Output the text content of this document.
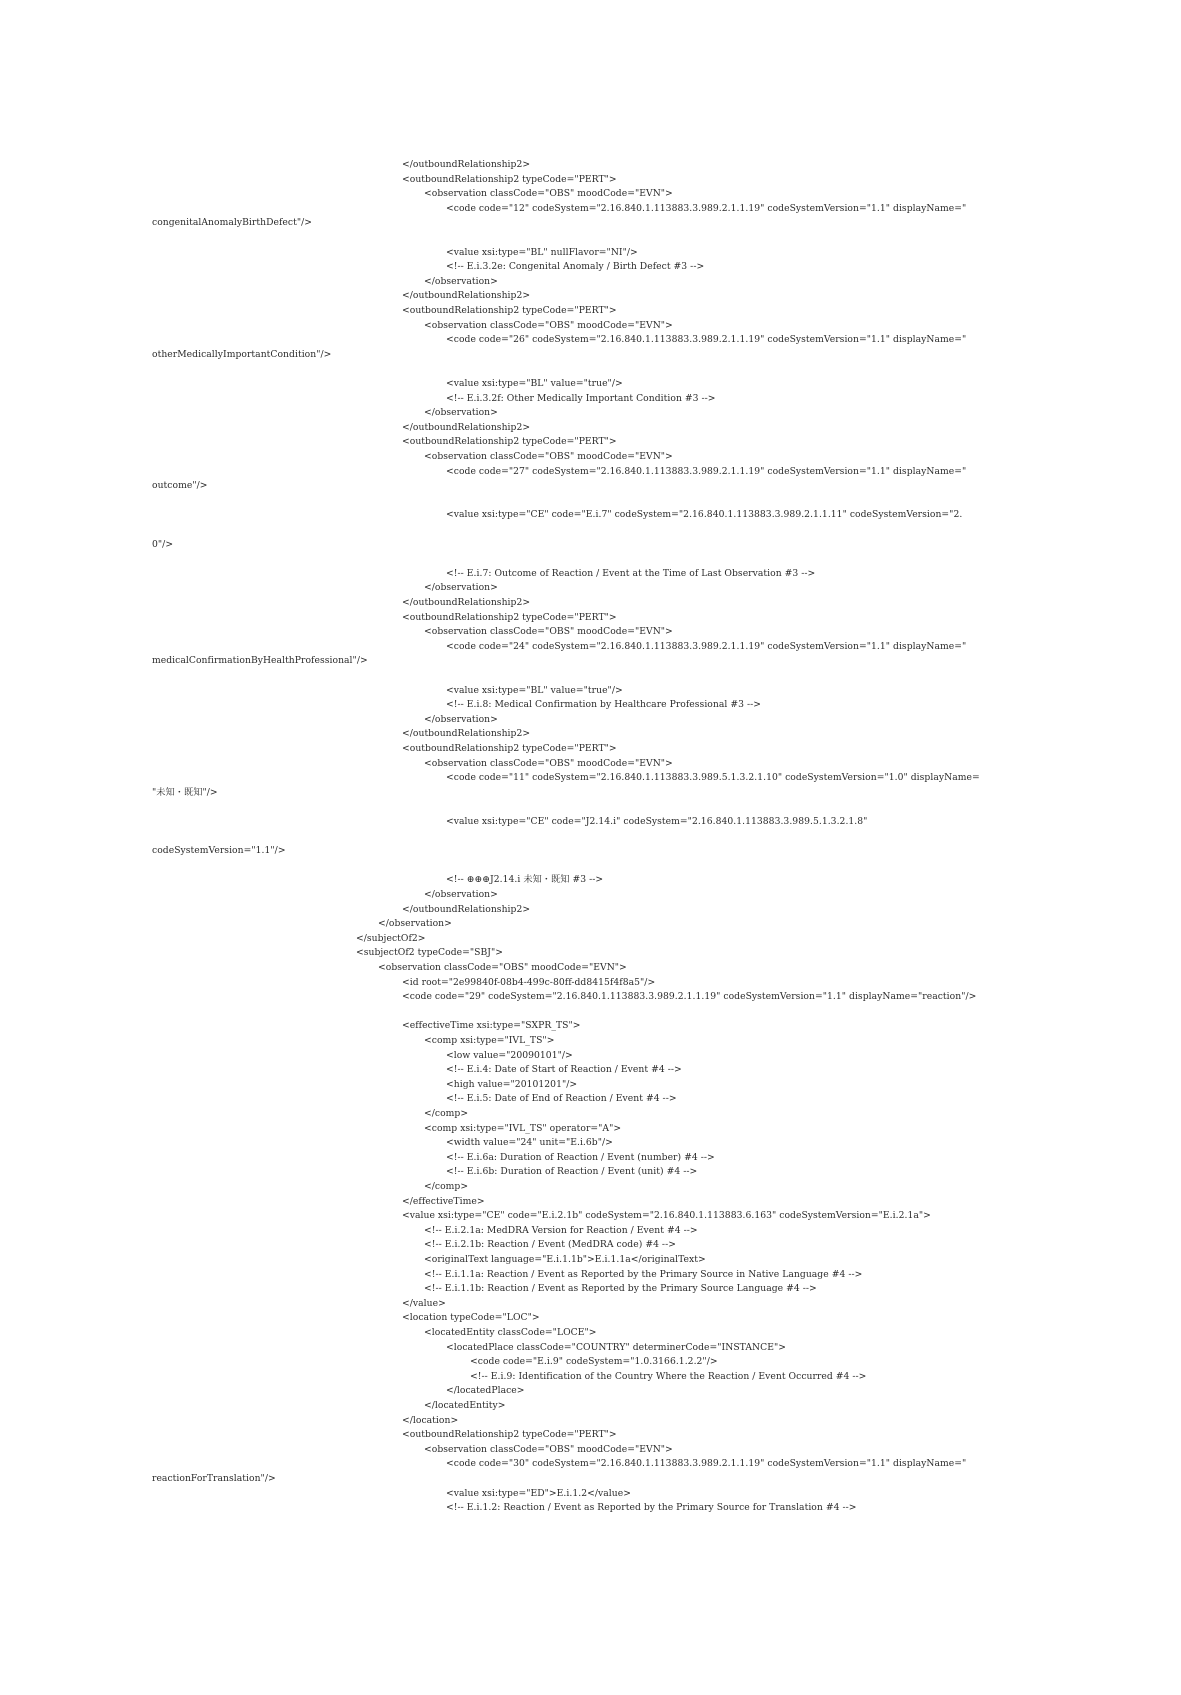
</outboundRelationship2>
<outboundRelationship2 typeCode="PERT">
<observation classCode="OBS" moodCode="EVN">
<code code="12" codeSystem="2.16.840.1.113883.3.989.2.1.1.19" codeSystemVersion="1.1" displayName="
congenitalAnomalyBirthDefect"/>
<value xsi:type="BL" nullFlavor="NI"/>
<!-- E.i.3.2e: Congenital Anomaly / Birth Defect #3 -->
</observation>
</outboundRelationship2>
<outboundRelationship2 typeCode="PERT">
<observation classCode="OBS" moodCode="EVN">
<code code="26" codeSystem="2.16.840.1.113883.3.989.2.1.1.19" codeSystemVersion="1.1" displayName="
otherMedicallyImportantCondition"/>
<value xsi:type="BL" value="true"/>
<!-- E.i.3.2f: Other Medically Important Condition #3 -->
</observation>
</outboundRelationship2>
<outboundRelationship2 typeCode="PERT">
<observation classCode="OBS" moodCode="EVN">
<code code="27" codeSystem="2.16.840.1.113883.3.989.2.1.1.19" codeSystemVersion="1.1" displayName="
outcome"/>
<value xsi:type="CE" code="E.i.7" codeSystem="2.16.840.1.113883.3.989.2.1.1.11" codeSystemVersion="2.
0"/>
<!-- E.i.7: Outcome of Reaction / Event at the Time of Last Observation #3 -->
</observation>
</outboundRelationship2>
<outboundRelationship2 typeCode="PERT">
<observation classCode="OBS" moodCode="EVN">
<code code="24" codeSystem="2.16.840.1.113883.3.989.2.1.1.19" codeSystemVersion="1.1" displayName="
medicalConfirmationByHealthProfessional"/>
<value xsi:type="BL" value="true"/>
<!-- E.i.8: Medical Confirmation by Healthcare Professional #3 -->
</observation>
</outboundRelationship2>
<outboundRelationship2 typeCode="PERT">
<observation classCode="OBS" moodCode="EVN">
<code code="11" codeSystem="2.16.840.1.113883.3.989.5.1.3.2.1.10" codeSystemVersion="1.0" displayName=
"未知・既知"/>
<value xsi:type="CE" code="J2.14.i" codeSystem="2.16.840.1.113883.3.989.5.1.3.2.1.8"
codeSystemVersion="1.1"/>
<!-- ⊕⊕⊕J2.14.i 未知・既知 #3 -->
</observation>
</outboundRelationship2>
</observation>
</subjectOf2>
<subjectOf2 typeCode="SBJ">
<observation classCode="OBS" moodCode="EVN">
<id root="2e99840f-08b4-499c-80ff-dd8415f4f8a5"/>
<code code="29" codeSystem="2.16.840.1.113883.3.989.2.1.1.19" codeSystemVersion="1.1" displayName="reaction"/>
<effectiveTime xsi:type="SXPR_TS">
<comp xsi:type="IVL_TS">
<low value="20090101"/>
<!-- E.i.4: Date of Start of Reaction / Event #4 -->
<high value="20101201"/>
<!-- E.i.5: Date of End of Reaction / Event #4 -->
</comp>
<comp xsi:type="IVL_TS" operator="A">
<width value="24" unit="E.i.6b"/>
<!-- E.i.6a: Duration of Reaction / Event (number) #4 -->
<!-- E.i.6b: Duration of Reaction / Event (unit) #4 -->
</comp>
</effectiveTime>
<value xsi:type="CE" code="E.i.2.1b" codeSystem="2.16.840.1.113883.6.163" codeSystemVersion="E.i.2.1a">
<!-- E.i.2.1a: MedDRA Version for Reaction / Event #4 -->
<!-- E.i.2.1b: Reaction / Event (MedDRA code) #4 -->
<originalText language="E.i.1.1b">E.i.1.1a</originalText>
<!-- E.i.1.1a: Reaction / Event as Reported by the Primary Source in Native Language #4 -->
<!-- E.i.1.1b: Reaction / Event as Reported by the Primary Source Language #4 -->
</value>
<location typeCode="LOC">
<locatedEntity classCode="LOCE">
<locatedPlace classCode="COUNTRY" determinerCode="INSTANCE">
<code code="E.i.9" codeSystem="1.0.3166.1.2.2"/>
<!-- E.i.9: Identification of the Country Where the Reaction / Event Occurred #4 -->
</locatedPlace>
</locatedEntity>
</location>
<outboundRelationship2 typeCode="PERT">
<observation classCode="OBS" moodCode="EVN">
<code code="30" codeSystem="2.16.840.1.113883.3.989.2.1.1.19" codeSystemVersion="1.1" displayName="
reactionForTranslation"/>
<value xsi:type="ED">E.i.1.2</value>
<!-- E.i.1.2: Reaction / Event as Reported by the Primary Source for Translation #4 -->
